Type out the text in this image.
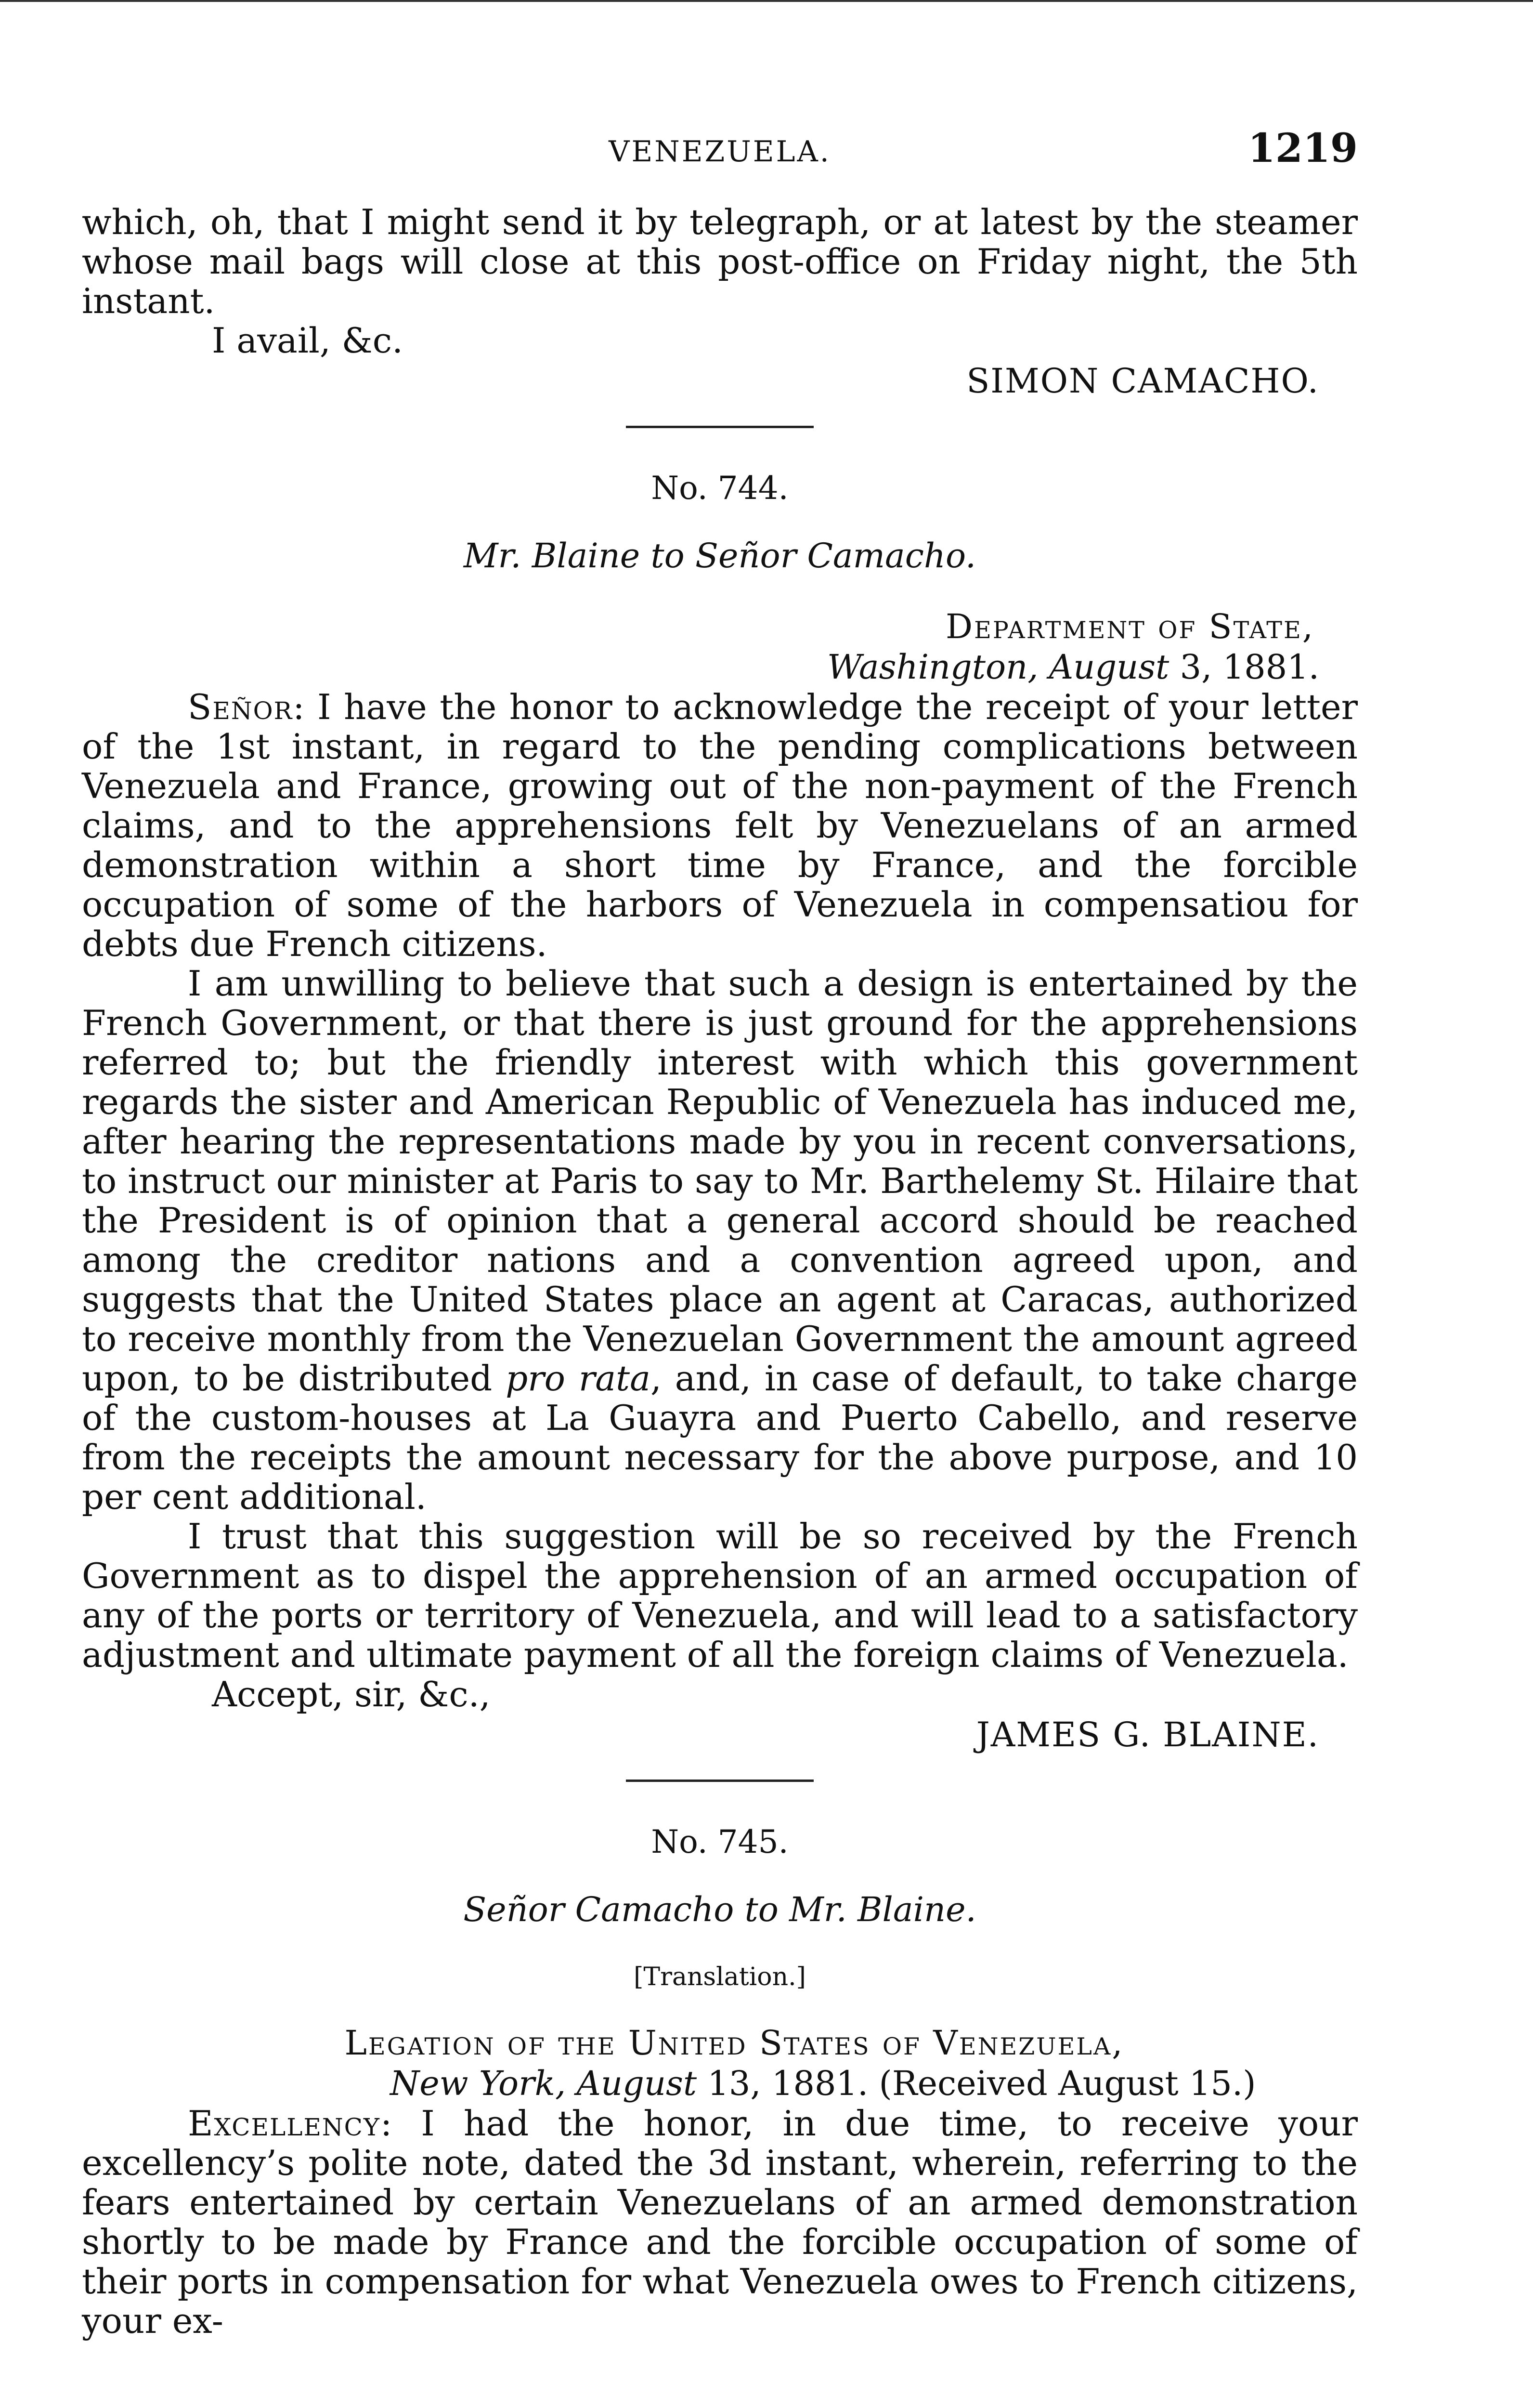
VENEZUELA.	1219

which, oh, that I might send it by telegraph, or at latest by the steamer whose mail bags will close at this post-office on Friday night, the 5th instant.

I avail, &c.
SIMON CAMACHO.
No. 744.
Mr. Blaine to Señor Camacho.
Department of State,
Washington, August 3, 1881.

Señor: I have the honor to acknowledge the receipt of your letter of the 1st instant, in regard to the pending complications between Venezuela and France, growing out of the non-payment of the French claims, and to the apprehensions felt by Venezuelans of an armed demonstration within a short time by France, and the forcible occupation of some of the harbors of Venezuela in compensatiou for debts due French citizens.

I am unwilling to believe that such a design is entertained by the French Government, or that there is just ground for the apprehensions referred to; but the friendly interest with which this government regards the sister and American Republic of Venezuela has induced me, after hearing the representations made by you in recent conversations, to instruct our minister at Paris to say to Mr. Barthelemy St. Hilaire that the President is of opinion that a general accord should be reached among the creditor nations and a convention agreed upon, and suggests that the United States place an agent at Caracas, authorized to receive monthly from the Venezuelan Government the amount agreed upon, to be distributed pro rata, and, in case of default, to take charge of the custom-houses at La Guayra and Puerto Cabello, and reserve from the receipts the amount necessary for the above purpose, and 10 per cent additional.

I trust that this suggestion will be so received by the French Government as to dispel the apprehension of an armed occupation of any of the ports or territory of Venezuela, and will lead to a satisfactory adjustment and ultimate payment of all the foreign claims of Venezuela.

Accept, sir, &c.,
JAMES G. BLAINE.
No. 745.
Señor Camacho to Mr. Blaine.
[Translation.]
Legation of the United States of Venezuela,
New York, August 13, 1881. (Received August 15.)

Excellency: I had the honor, in due time, to receive your excellency’s polite note, dated the 3d instant, wherein, referring to the fears entertained by certain Venezuelans of an armed demonstration shortly to be made by France and the forcible occupation of some of their ports in compensation for what Venezuela owes to French citizens, your ex-
